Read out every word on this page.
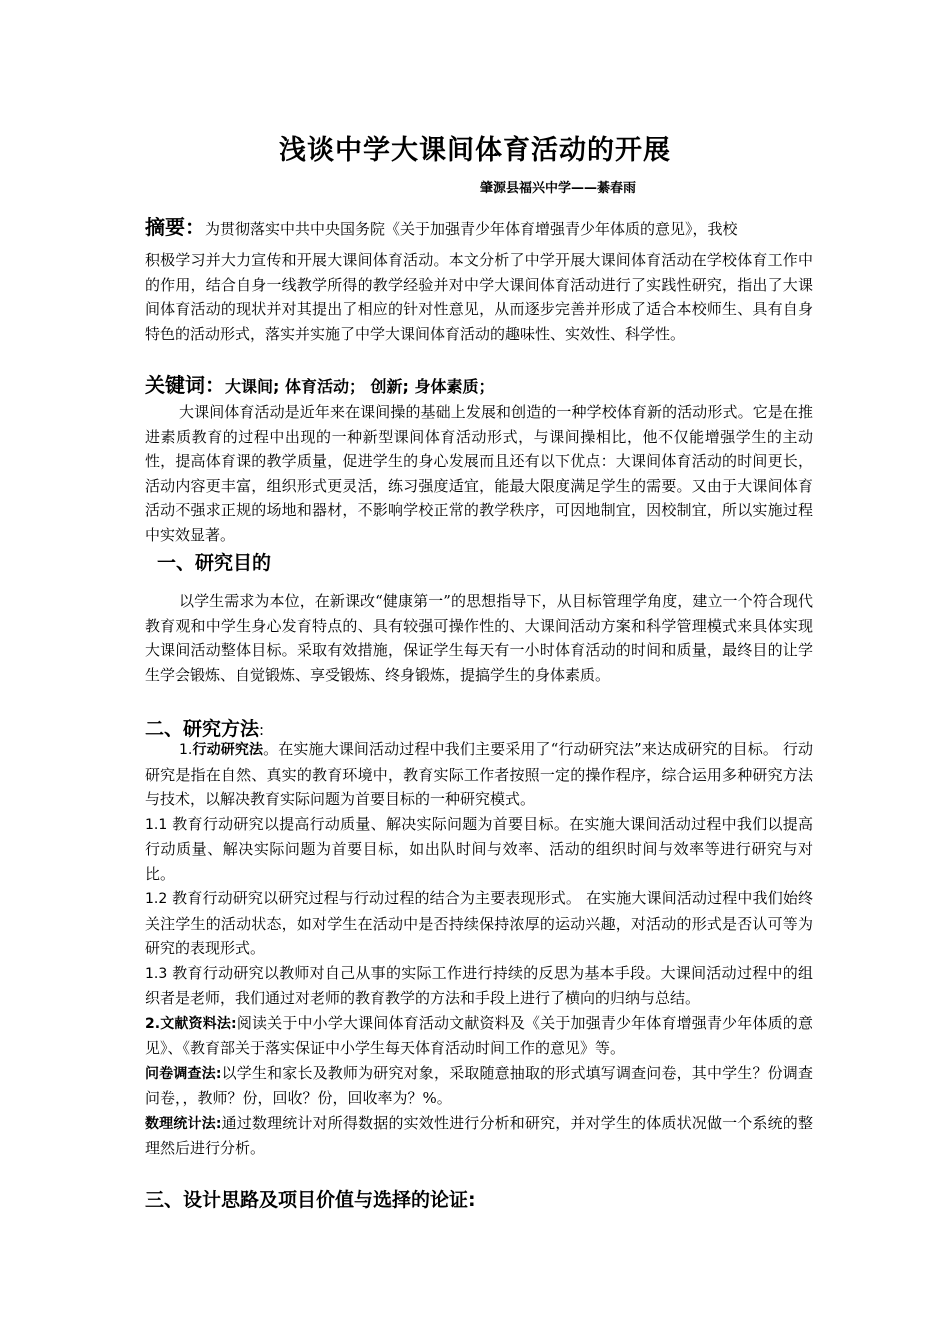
浅谈中学大课间体育活动的开展
肇源县福兴中学——綦春雨

摘要：为贯彻落实中共中央国务院《关于加强青少年体育增强青少年体质的意见》，我校

积极学习并大力宣传和开展大课间体育活动。本文分析了中学开展大课间体育活动在学校体育工作中的作用，结合自身一线教学所得的教学经验并对中学大课间体育活动进行了实践性研究，指出了大课间体育活动的现状并对其提出了相应的针对性意见，从而逐步完善并形成了适合本校师生、具有自身特色的活动形式，落实并实施了中学大课间体育活动的趣味性、实效性、科学性。

关键词：大课间; 体育活动； 创新; 身体素质；

大课间体育活动是近年来在课间操的基础上发展和创造的一种学校体育新的活动形式。它是在推进素质教育的过程中出现的一种新型课间体育活动形式，与课间操相比，他不仅能增强学生的主动性，提高体育课的教学质量，促进学生的身心发展而且还有以下优点：大课间体育活动的时间更长，活动内容更丰富，组织形式更灵活，练习强度适宜，能最大限度满足学生的需要。又由于大课间体育活动不强求正规的场地和器材，不影响学校正常的教学秩序，可因地制宜，因校制宜，所以实施过程中实效显著。

一、研究目的

以学生需求为本位，在新课改“健康第一”的思想指导下，从目标管理学角度，建立一个符合现代教育观和中学生身心发育特点的、具有较强可操作性的、大课间活动方案和科学管理模式来具体实现大课间活动整体目标。采取有效措施，保证学生每天有一小时体育活动的时间和质量，最终目的让学生学会锻炼、自觉锻炼、享受锻炼、终身锻炼，提搞学生的身体素质。

二、研究方法:

1.行动研究法。在实施大课间活动过程中我们主要采用了“行动研究法”来达成研究的目标。 行动研究是指在自然、真实的教育环境中，教育实际工作者按照一定的操作程序，综合运用多种研究方法与技术，以解决教育实际问题为首要目标的一种研究模式。

1.1 教育行动研究以提高行动质量、解决实际问题为首要目标。在实施大课间活动过程中我们以提高行动质量、解决实际问题为首要目标，如出队时间与效率、活动的组织时间与效率等进行研究与对比。

1.2 教育行动研究以研究过程与行动过程的结合为主要表现形式。 在实施大课间活动过程中我们始终关注学生的活动状态，如对学生在活动中是否持续保持浓厚的运动兴趣，对活动的形式是否认可等为研究的表现形式。

1.3 教育行动研究以教师对自己从事的实际工作进行持续的反思为基本手段。大课间活动过程中的组织者是老师，我们通过对老师的教育教学的方法和手段上进行了横向的归纳与总结。

2.文献资料法:阅读关于中小学大课间体育活动文献资料及《关于加强青少年体育增强青少年体质的意见》、《教育部关于落实保证中小学生每天体育活动时间工作的意见》等。

问卷调查法:以学生和家长及教师为研究对象，采取随意抽取的形式填写调查问卷，其中学生？份调查问卷，，教师？份，回收？份，回收率为？%。

数理统计法:通过数理统计对所得数据的实效性进行分析和研究，并对学生的体质状况做一个系统的整理然后进行分析。

三、设计思路及项目价值与选择的论证:
